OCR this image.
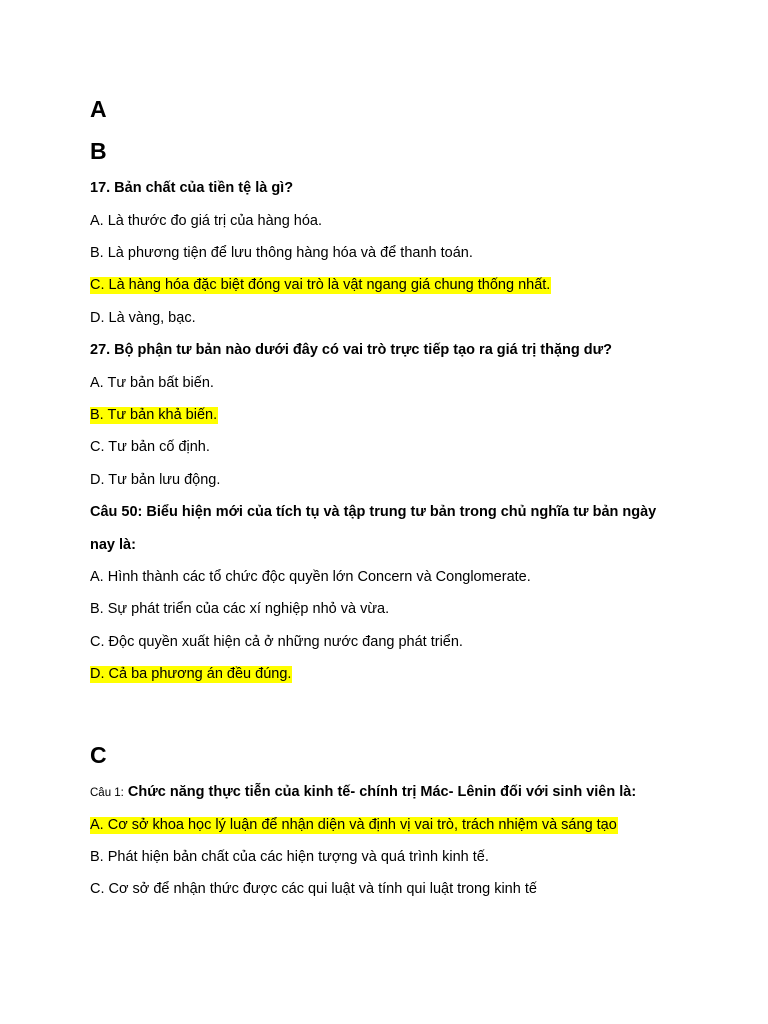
A
B
17. Bản chất của tiền tệ là gì?
A. Là thước đo giá trị của hàng hóa.
B. Là phương tiện để lưu thông hàng hóa và để thanh toán.
C. Là hàng hóa đặc biệt đóng vai trò là vật ngang giá chung thống nhất.
D. Là vàng, bạc.
27. Bộ phận tư bản nào dưới đây có vai trò trực tiếp tạo ra giá trị thặng dư?
A. Tư bản bất biến.
B. Tư bản khả biến.
C. Tư bản cố định.
D. Tư bản lưu động.
Câu 50: Biểu hiện mới của tích tụ và tập trung tư bản trong chủ nghĩa tư bản ngày
nay là:
A. Hình thành các tổ chức độc quyền lớn Concern và Conglomerate.
B. Sự phát triển của các xí nghiệp nhỏ và vừa.
C. Độc quyền xuất hiện cả ở những nước đang phát triển.
D. Cả ba phương án đều đúng.
C
Câu 1: Chức năng thực tiễn của kinh tế- chính trị Mác- Lênin đối với sinh viên là:
A. Cơ sở khoa học lý luận để nhận diện và định vị vai trò, trách nhiệm và sáng tạo
B. Phát hiện bản chất của các hiện tượng và quá trình kinh tế.
C. Cơ sở để nhận thức được các qui luật và tính qui luật trong kinh tế
